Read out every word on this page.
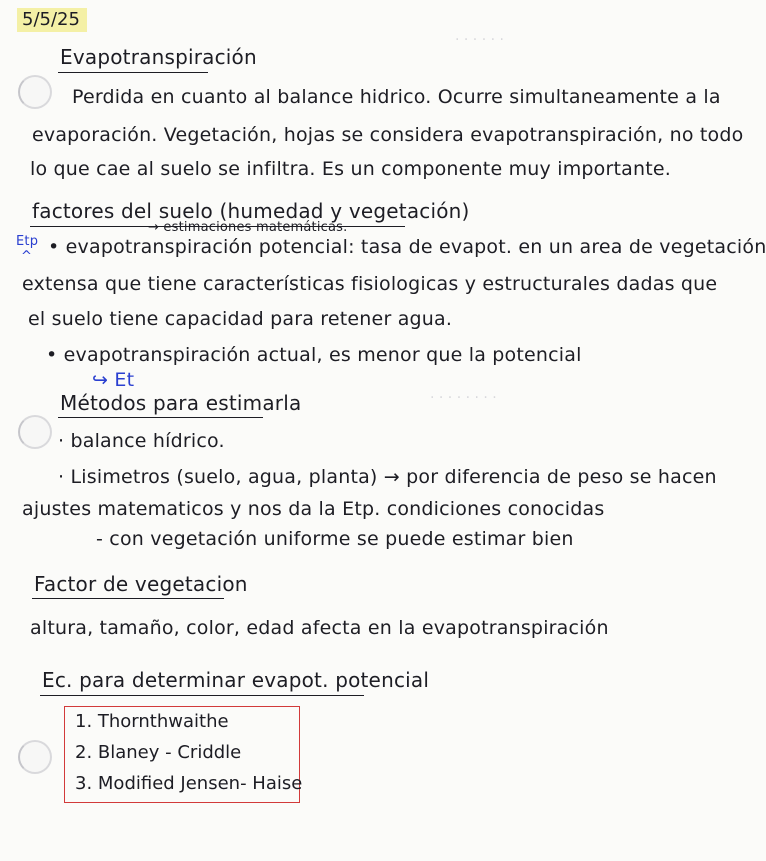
5/5/25
· · · · · ·
· · · · · · · ·
Evapotranspiración
Perdida en cuanto al balance hidrico. Ocurre simultaneamente a la
evaporación. Vegetación, hojas se considera evapotranspiración, no todo
lo que cae al suelo se infiltra. Es un componente muy importante.
factores del suelo (humedad y vegetación)
→ estimaciones matemáticas.
Etp
^ • evapotranspiración potencial: tasa de evapot. en un area de vegetación
extensa que tiene características fisiologicas y estructurales dadas que
el suelo tiene capacidad para retener agua.
• evapotranspiración actual, es menor que la potencial
↪ Et
Métodos para estimarla
· balance hídrico.
· Lisimetros (suelo, agua, planta) → por diferencia de peso se hacen
ajustes matematicos y nos da la Etp. condiciones conocidas
- con vegetación uniforme se puede estimar bien
Factor de vegetacion
altura, tamaño, color, edad afecta en la evapotranspiración
Ec. para determinar evapot. potencial
1. Thornthwaithe
2. Blaney - Criddle
3. Modified Jensen- Haise
